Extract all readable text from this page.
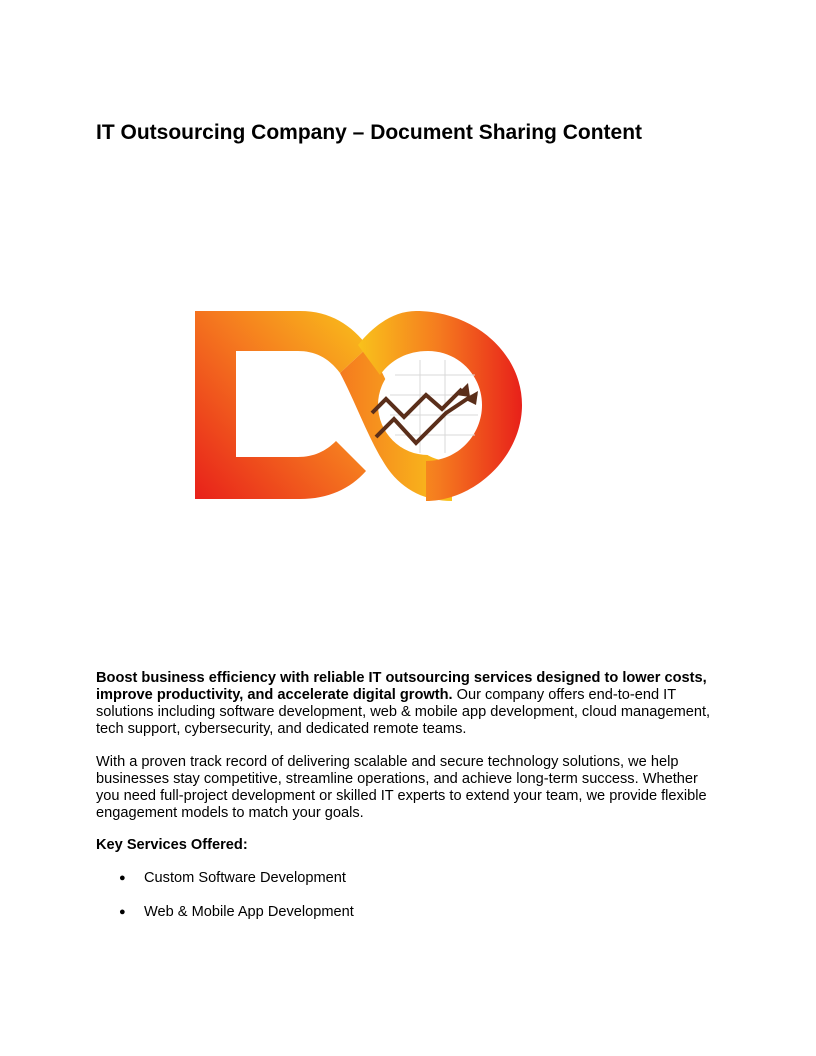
IT Outsourcing Company – Document Sharing Content

Boost business efficiency with reliable IT outsourcing services designed to lower costs, improve productivity, and accelerate digital growth. Our company offers end-to-end IT solutions including software development, web & mobile app development, cloud management, tech support, cybersecurity, and dedicated remote teams.

With a proven track record of delivering scalable and secure technology solutions, we help businesses stay competitive, streamline operations, and achieve long-term success. Whether you need full-project development or skilled IT experts to extend your team, we provide flexible engagement models to match your goals.

Key Services Offered:

● Custom Software Development
● Web & Mobile App Development
